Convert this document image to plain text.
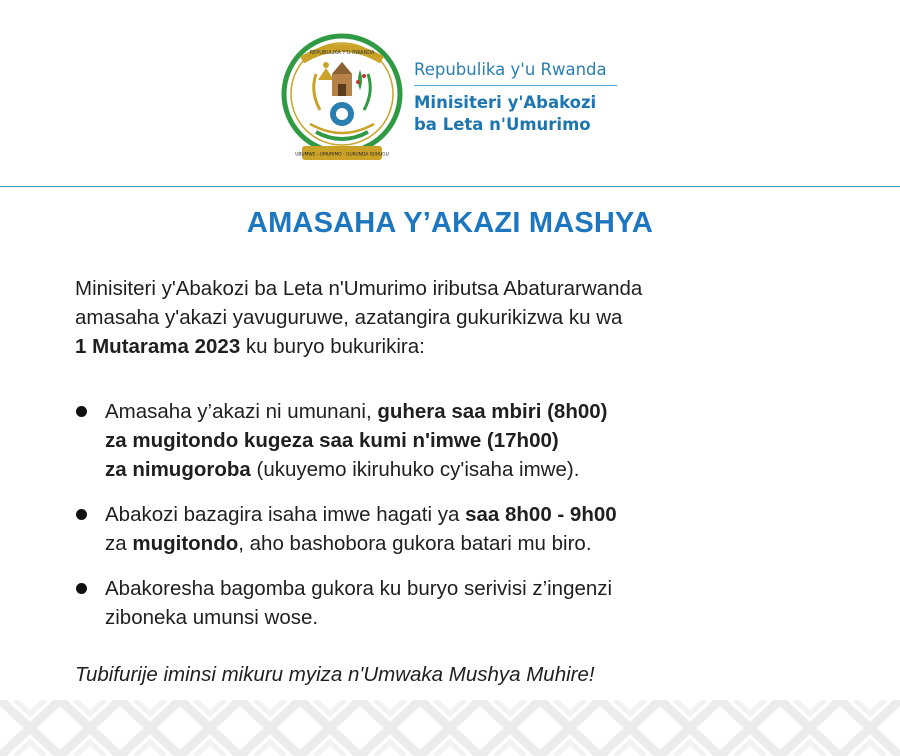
REPUBULIKA Y'U RWANDA
UBUMWE - UMURIMO - GUKUNDA IGIHUGU
Repubulika y'u Rwanda
Minisiteri y'Abakozi
ba Leta n'Umurimo
AMASAHA Y’AKAZI MASHYA
Minisiteri y'Abakozi ba Leta n'Umurimo iributsa Abaturarwanda
amasaha y'akazi yavuguruwe, azatangira gukurikizwa ku wa
1 Mutarama 2023 ku buryo bukurikira:
Amasaha y’akazi ni umunani, guhera saa mbiri (8h00)
za mugitondo kugeza saa kumi n'imwe (17h00)
za nimugoroba (ukuyemo ikiruhuko cy'isaha imwe).
Abakozi bazagira isaha imwe hagati ya saa 8h00 - 9h00
za mugitondo, aho bashobora gukora batari mu biro.
Abakoresha bagomba gukora ku buryo serivisi z’ingenzi
ziboneka umunsi wose.
Tubifurije iminsi mikuru myiza n'Umwaka Mushya Muhire!
